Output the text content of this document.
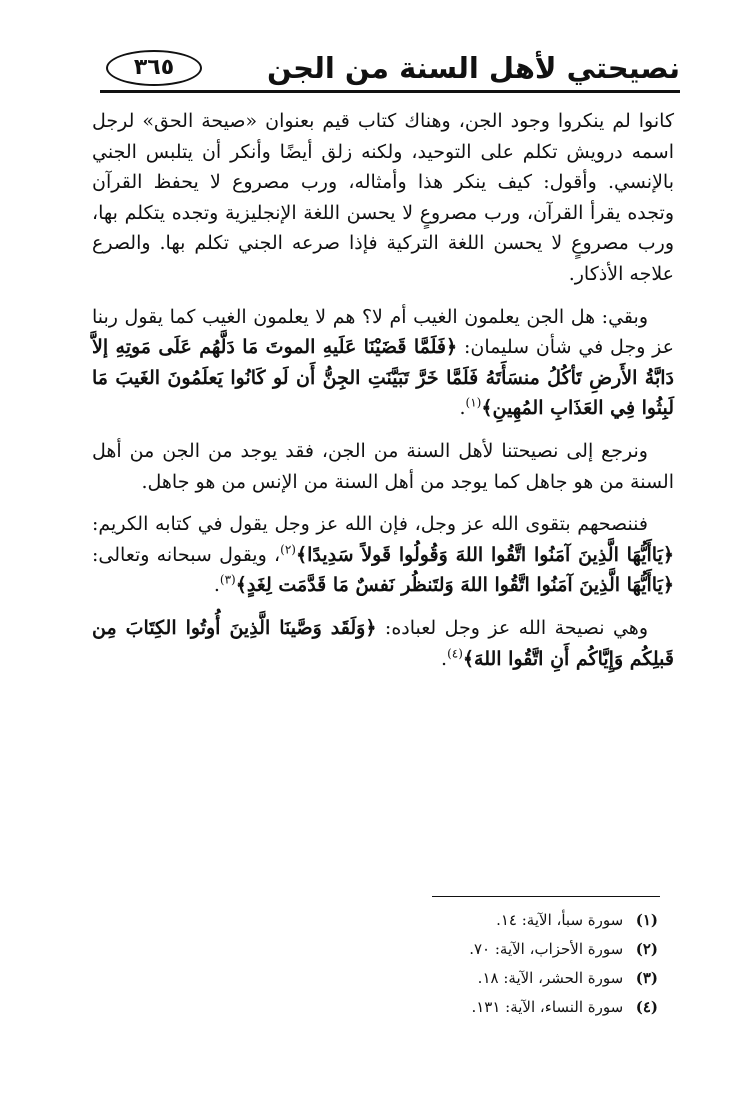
نصيحتي لأهل السنة من الجن
٣٦٥

كانوا لم ينكروا وجود الجن، وهناك كتاب قيم بعنوان «صيحة الحق» لرجل اسمه درويش تكلم على التوحيد، ولكنه زلق أيضًا وأنكر أن يتلبس الجني بالإنسي. وأقول: كيف ينكر هذا وأمثاله، ورب مصروع لا يحفظ القرآن وتجده يقرأ القرآن، ورب مصروعٍ لا يحسن اللغة الإنجليزية وتجده يتكلم بها، ورب مصروعٍ لا يحسن اللغة التركية فإذا صرعه الجني تكلم بها. والصرع علاجه الأذكار.

وبقي: هل الجن يعلمون الغيب أم لا؟ هم لا يعلمون الغيب كما يقول ربنا عز وجل في شأن سليمان: ﴿فَلَمَّا قَضَيْنَا عَلَيهِ الموتَ مَا دَلَّهُم عَلَى مَوتِهِ إلاَّ دَابَّةُ الأَرضِ تَأكُلُ منسَأَتَهُ فَلَمَّا خَرَّ تَبَيَّنَتِ الجِنُّ أَن لَو كَانُوا يَعلَمُونَ الغَيبَ مَا لَبِثُوا فِي العَذَابِ المُهِينِ﴾$^{(١)}$.

ونرجع إلى نصيحتنا لأهل السنة من الجن، فقد يوجد من الجن من أهل السنة من هو جاهل كما يوجد من أهل السنة من الإنس من هو جاهل.

فننصحهم بتقوى الله عز وجل، فإن الله عز وجل يقول في كتابه الكريم: ﴿يَاأَيُّهَا الَّذِينَ آمَنُوا اتَّقُوا اللهَ وَقُولُوا قَولاً سَدِيدًا﴾$^{(٢)}$، ويقول سبحانه وتعالى: ﴿يَاأَيُّهَا الَّذِينَ آمَنُوا اتَّقُوا اللهَ وَلتَنظُر نَفسٌ مَا قَدَّمَت لِغَدٍ﴾$^{(٣)}$.

وهي نصيحة الله عز وجل لعباده: ﴿وَلَقَد وَصَّينَا الَّذِينَ أُوتُوا الكِتَابَ مِن قَبلِكُم وَإِيَّاكُم أَنِ اتَّقُوا اللهَ﴾$^{(٤)}$.

(١) سورة سبأ، الآية: ١٤.
(٢) سورة الأحزاب، الآية: ٧٠.
(٣) سورة الحشر، الآية: ١٨.
(٤) سورة النساء، الآية: ١٣١.
